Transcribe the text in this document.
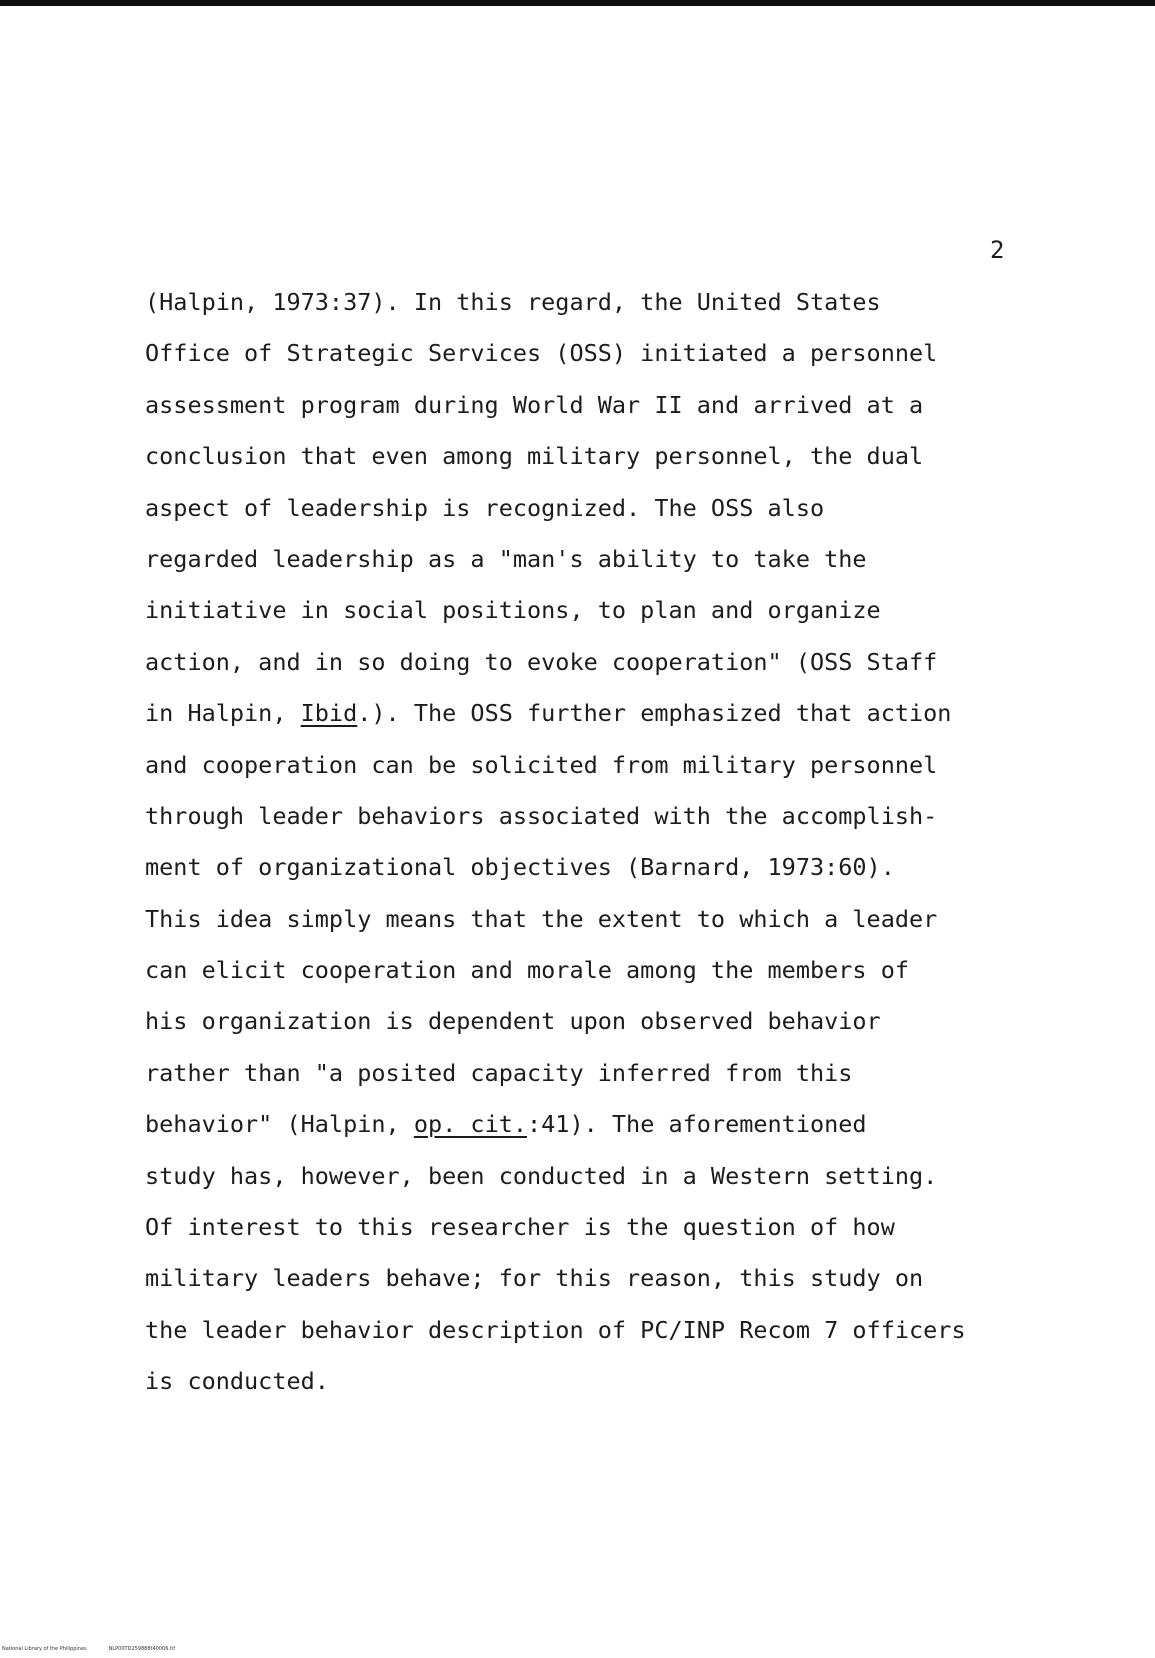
2
(Halpin, 1973:37). In this regard, the United States
Office of Strategic Services (OSS) initiated a personnel
assessment program during World War II and arrived at a
conclusion that even among military personnel, the dual
aspect of leadership is recognized. The OSS also
regarded leadership as a "man's ability to take the
initiative in social positions, to plan and organize
action, and in so doing to evoke cooperation" (OSS Staff
in Halpin, Ibid.). The OSS further emphasized that action
and cooperation can be solicited from military personnel
through leader behaviors associated with the accomplish-
ment of organizational objectives (Barnard, 1973:60).
This idea simply means that the extent to which a leader
can elicit cooperation and morale among the members of
his organization is dependent upon observed behavior
rather than "a posited capacity inferred from this
behavior" (Halpin, op. cit.:41). The aforementioned
study has, however, been conducted in a Western setting.
Of interest to this researcher is the question of how
military leaders behave; for this reason, this study on
the leader behavior description of PC/INP Recom 7 officers
is conducted.
National Library of the Philippines	NLP00TD259888t40006.tif
